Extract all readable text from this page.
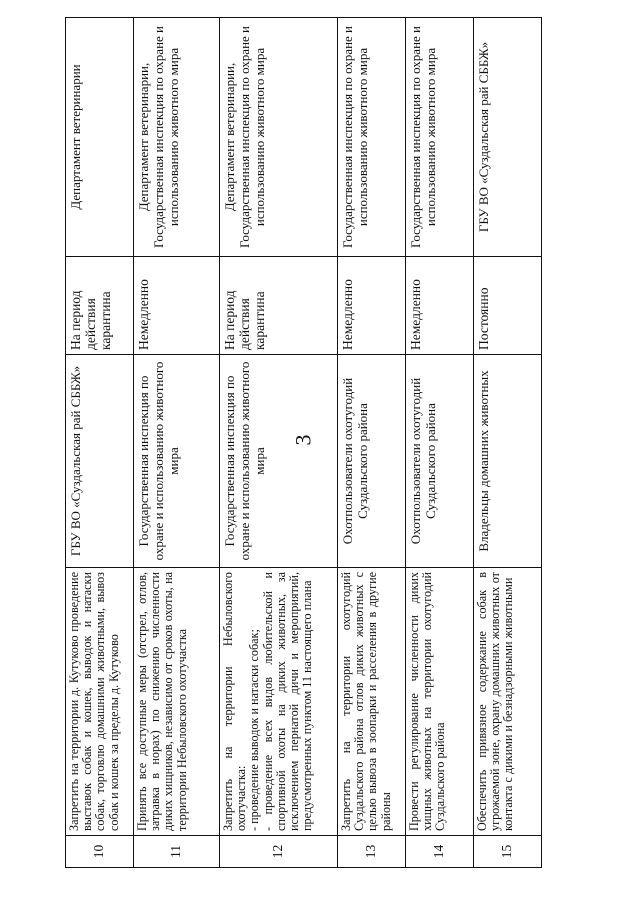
3
10	Запретить на территории д. Кутуково проведение выставок собак и кошек, выводок и натаски собак, торговлю домашними животными, вывоз собак и кошек за пределы д. Кутуково	ГБУ ВО «Суздальская рай СББЖ»	На период действия карантина	Департамент ветеринарии
11	Принять все доступные меры (отстрел, отлов, затравка в норах) по снижению численности диких хищников, независимо от сроков охоты, на территории Небыловского охотучастка	Государственная инспекция по охране и использованию животного мира	Немедленно	Департамент ветеринарии, Государственная инспекция по охране и использованию животного мира
12	Запретить на территории Небыловского охотучастка: - проведение выводок и натаски собак; - проведение всех видов любительской и спортивной охоты на диких животных, за исключением пернатой дичи и мероприятий, предусмотренных пунктом 11 настоящего плана	Государственная инспекция по охране и использованию животного мира	На период действия карантина	Департамент ветеринарии, Государственная инспекция по охране и использованию животного мира
13	Запретить на территории охотугодий Суздальского района отлов диких животных с целью вывоза в зоопарки и расселения в другие районы	Охотпользователи охотугодий Суздальского района	Немедленно	Государственная инспекция по охране и использованию животного мира
14	Провести регулирование численности диких хищных животных на территории охотугодий Суздальского района	Охотпользователи охотугодий Суздальского района	Немедленно	Государственная инспекция по охране и использованию животного мира
15	Обеспечить привязное содержание собак в угрожаемой зоне, охрану домашних животных от контакта с дикими и безнадзорными животными	Владельцы домашних животных	Постоянно	ГБУ ВО «Суздальская рай СББЖ»
